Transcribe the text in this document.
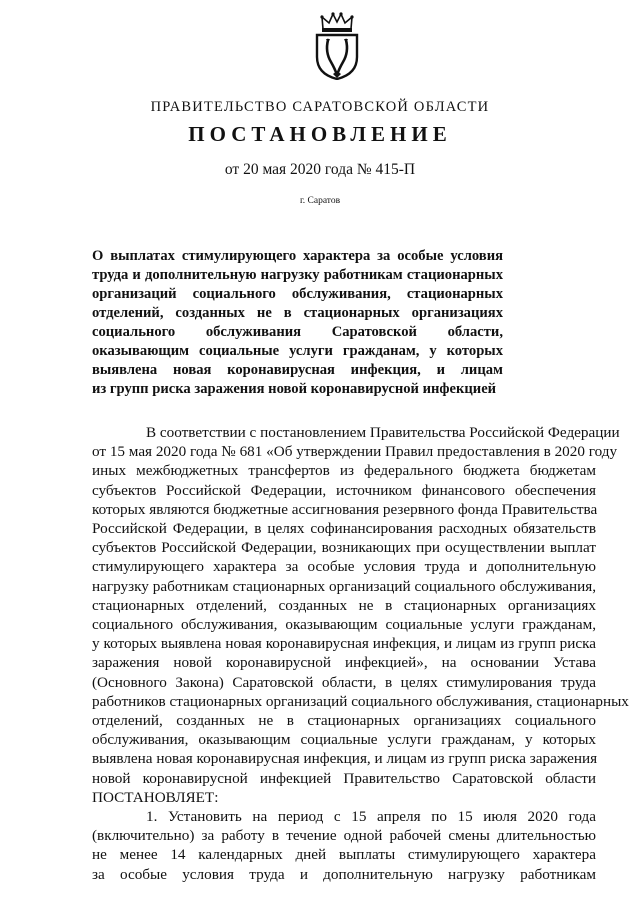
ПРАВИТЕЛЬСТВО САРАТОВСКОЙ ОБЛАСТИ
ПОСТАНОВЛЕНИЕ
от 20 мая 2020 года № 415-П
г. Саратов
О выплатах стимулирующего характера за особые условия
труда и дополнительную нагрузку работникам стационарных
организаций социального обслуживания, стационарных
отделений, созданных не в стационарных организациях
социального обслуживания Саратовской области,
оказывающим социальные услуги гражданам, у которых
выявлена новая коронавирусная инфекция, и лицам
из групп риска заражения новой коронавирусной инфекцией
В соответствии с постановлением Правительства Российской Федерации
от 15 мая 2020 года № 681 «Об утверждении Правил предоставления в 2020 году
иных межбюджетных трансфертов из федерального бюджета бюджетам
субъектов Российской Федерации, источником финансового обеспечения
которых являются бюджетные ассигнования резервного фонда Правительства
Российской Федерации, в целях софинансирования расходных обязательств
субъектов Российской Федерации, возникающих при осуществлении выплат
стимулирующего характера за особые условия труда и дополнительную
нагрузку работникам стационарных организаций социального обслуживания,
стационарных отделений, созданных не в стационарных организациях
социального обслуживания, оказывающим социальные услуги гражданам,
у которых выявлена новая коронавирусная инфекция, и лицам из групп риска
заражения новой коронавирусной инфекцией», на основании Устава
(Основного Закона) Саратовской области, в целях стимулирования труда
работников стационарных организаций социального обслуживания, стационарных
отделений, созданных не в стационарных организациях социального
обслуживания, оказывающим социальные услуги гражданам, у которых
выявлена новая коронавирусная инфекция, и лицам из групп риска заражения
новой коронавирусной инфекцией Правительство Саратовской области
ПОСТАНОВЛЯЕТ:
1. Установить на период с 15 апреля по 15 июля 2020 года
(включительно) за работу в течение одной рабочей смены длительностью
не менее 14 календарных дней выплаты стимулирующего характера
за особые условия труда и дополнительную нагрузку работникам
